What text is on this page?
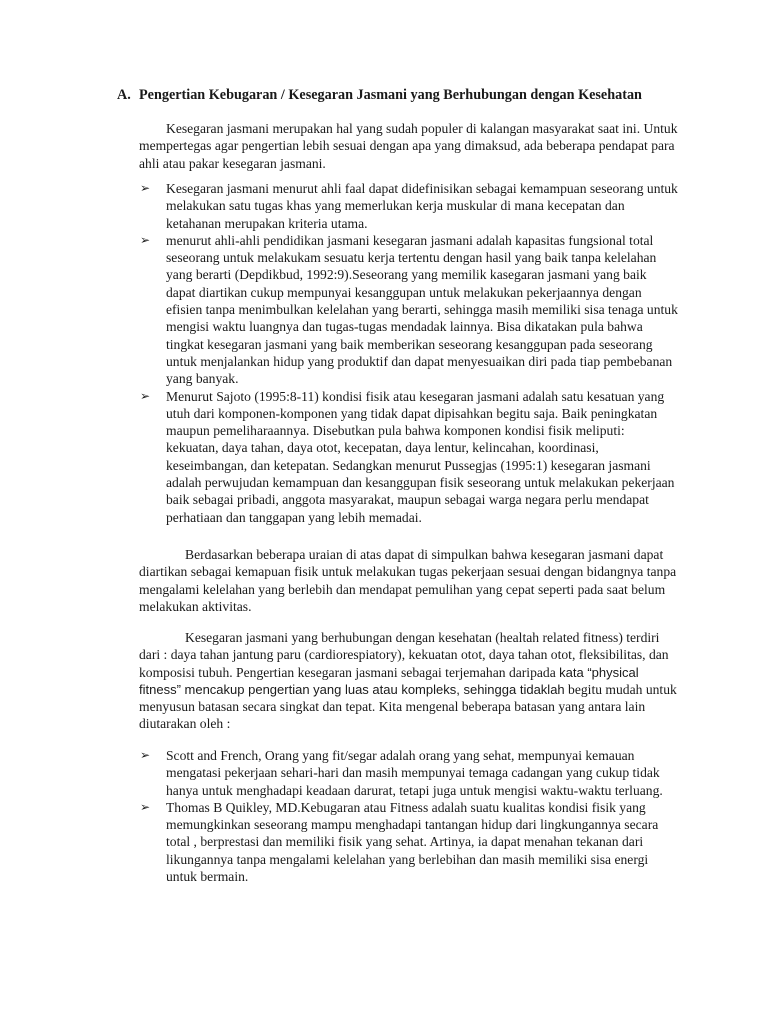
A. Pengertian Kebugaran / Kesegaran Jasmani yang Berhubungan dengan Kesehatan

Kesegaran jasmani merupakan hal yang sudah populer di kalangan masyarakat saat ini. Untuk mempertegas agar pengertian lebih sesuai dengan apa yang dimaksud, ada beberapa pendapat para ahli atau pakar kesegaran jasmani.

➢ Kesegaran jasmani menurut ahli faal dapat didefinisikan sebagai kemampuan seseorang untuk melakukan satu tugas khas yang memerlukan kerja muskular di mana kecepatan dan ketahanan merupakan kriteria utama.
➢ menurut ahli-ahli pendidikan jasmani kesegaran jasmani adalah kapasitas fungsional total seseorang untuk melakukam sesuatu kerja tertentu dengan hasil yang baik tanpa kelelahan yang berarti (Depdikbud, 1992:9).Seseorang yang memilik kasegaran jasmani yang baik dapat diartikan cukup mempunyai kesanggupan untuk melakukan pekerjaannya dengan efisien tanpa menimbulkan kelelahan yang berarti, sehingga masih memiliki sisa tenaga untuk mengisi waktu luangnya dan tugas-tugas mendadak lainnya. Bisa dikatakan pula bahwa tingkat kesegaran jasmani yang baik memberikan seseorang kesanggupan pada seseorang untuk menjalankan hidup yang produktif dan dapat menyesuaikan diri pada tiap pembebanan yang banyak.
➢ Menurut Sajoto (1995:8-11) kondisi fisik atau kesegaran jasmani adalah satu kesatuan yang utuh dari komponen-komponen yang tidak dapat dipisahkan begitu saja. Baik peningkatan maupun pemeliharaannya. Disebutkan pula bahwa komponen kondisi fisik meliputi: kekuatan, daya tahan, daya otot, kecepatan, daya lentur, kelincahan, koordinasi, keseimbangan, dan ketepatan. Sedangkan menurut Pussegjas (1995:1) kesegaran jasmani adalah perwujudan kemampuan dan kesanggupan fisik seseorang untuk melakukan pekerjaan baik sebagai pribadi, anggota masyarakat, maupun sebagai warga negara perlu mendapat perhatiaan dan tanggapan yang lebih memadai.

Berdasarkan beberapa uraian di atas dapat di simpulkan bahwa kesegaran jasmani dapat diartikan sebagai kemapuan fisik untuk melakukan tugas pekerjaan sesuai dengan bidangnya tanpa mengalami kelelahan yang berlebih dan mendapat pemulihan yang cepat seperti pada saat belum melakukan aktivitas.

Kesegaran jasmani yang berhubungan dengan kesehatan (healtah related fitness) terdiri dari : daya tahan jantung paru (cardiorespiatory), kekuatan otot, daya tahan otot, fleksibilitas, dan komposisi tubuh. Pengertian kesegaran jasmani sebagai terjemahan daripada kata “physical fitness” mencakup pengertian yang luas atau kompleks, sehingga tidaklah begitu mudah untuk menyusun batasan secara singkat dan tepat. Kita mengenal beberapa batasan yang antara lain diutarakan oleh :

➢ Scott and French, Orang yang fit/segar adalah orang yang sehat, mempunyai kemauan mengatasi pekerjaan sehari-hari dan masih mempunyai temaga cadangan yang cukup tidak hanya untuk menghadapi keadaan darurat, tetapi juga untuk mengisi waktu-waktu terluang.
➢ Thomas B Quikley, MD.Kebugaran atau Fitness adalah suatu kualitas kondisi fisik yang memungkinkan seseorang mampu menghadapi tantangan hidup dari lingkungannya secara total , berprestasi dan memiliki fisik yang sehat. Artinya, ia dapat menahan tekanan dari likungannya tanpa mengalami kelelahan yang berlebihan dan masih memiliki sisa energi untuk bermain.
